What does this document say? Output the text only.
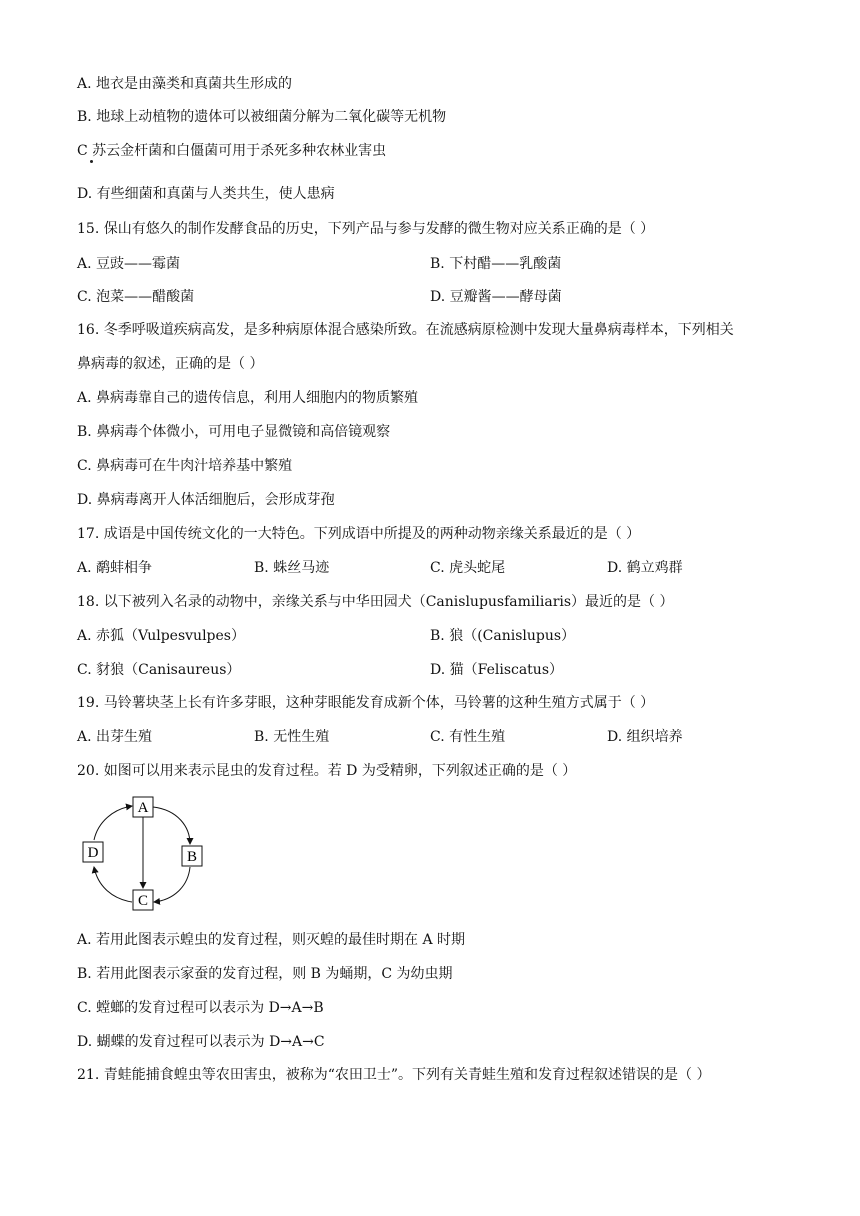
A. 地衣是由藻类和真菌共生形成的
B. 地球上动植物的遗体可以被细菌分解为二氧化碳等无机物
C 苏云金杆菌和白僵菌可用于杀死多种农林业害虫
D. 有些细菌和真菌与人类共生，使人患病
15. 保山有悠久的制作发酵食品的历史，下列产品与参与发酵的微生物对应关系正确的是（ ）
A. 豆豉——霉菌	B. 下村醋——乳酸菌
C. 泡菜——醋酸菌	D. 豆瓣酱——酵母菌
16. 冬季呼吸道疾病高发，是多种病原体混合感染所致。在流感病原检测中发现大量鼻病毒样本，下列相关
鼻病毒的叙述，正确的是（ ）
A. 鼻病毒靠自己的遗传信息，利用人细胞内的物质繁殖
B. 鼻病毒个体微小，可用电子显微镜和高倍镜观察
C. 鼻病毒可在牛肉汁培养基中繁殖
D. 鼻病毒离开人体活细胞后，会形成芽孢
17. 成语是中国传统文化的一大特色。下列成语中所提及的两种动物亲缘关系最近的是（ ）
A. 鹬蚌相争	B. 蛛丝马迹	C. 虎头蛇尾	D. 鹤立鸡群
18. 以下被列入名录的动物中，亲缘关系与中华田园犬（Canislupusfamiliaris）最近的是（ ）
A. 赤狐（Vulpesvulpes）	B. 狼（(Canislupus）
C. 豺狼（Canisaureus）	D. 猫（Feliscatus）
19. 马铃薯块茎上长有许多芽眼，这种芽眼能发育成新个体，马铃薯的这种生殖方式属于（ ）
A. 出芽生殖	B. 无性生殖	C. 有性生殖	D. 组织培养
20. 如图可以用来表示昆虫的发育过程。若 D 为受精卵，下列叙述正确的是（ ）
A
B
C
D
A. 若用此图表示蝗虫的发育过程，则灭蝗的最佳时期在 A 时期
B. 若用此图表示家蚕的发育过程，则 B 为蛹期，C 为幼虫期
C. 螳螂的发育过程可以表示为 D→A→B
D. 蝴蝶的发育过程可以表示为 D→A→C
21. 青蛙能捕食蝗虫等农田害虫，被称为“农田卫士”。下列有关青蛙生殖和发育过程叙述错误的是（ ）
